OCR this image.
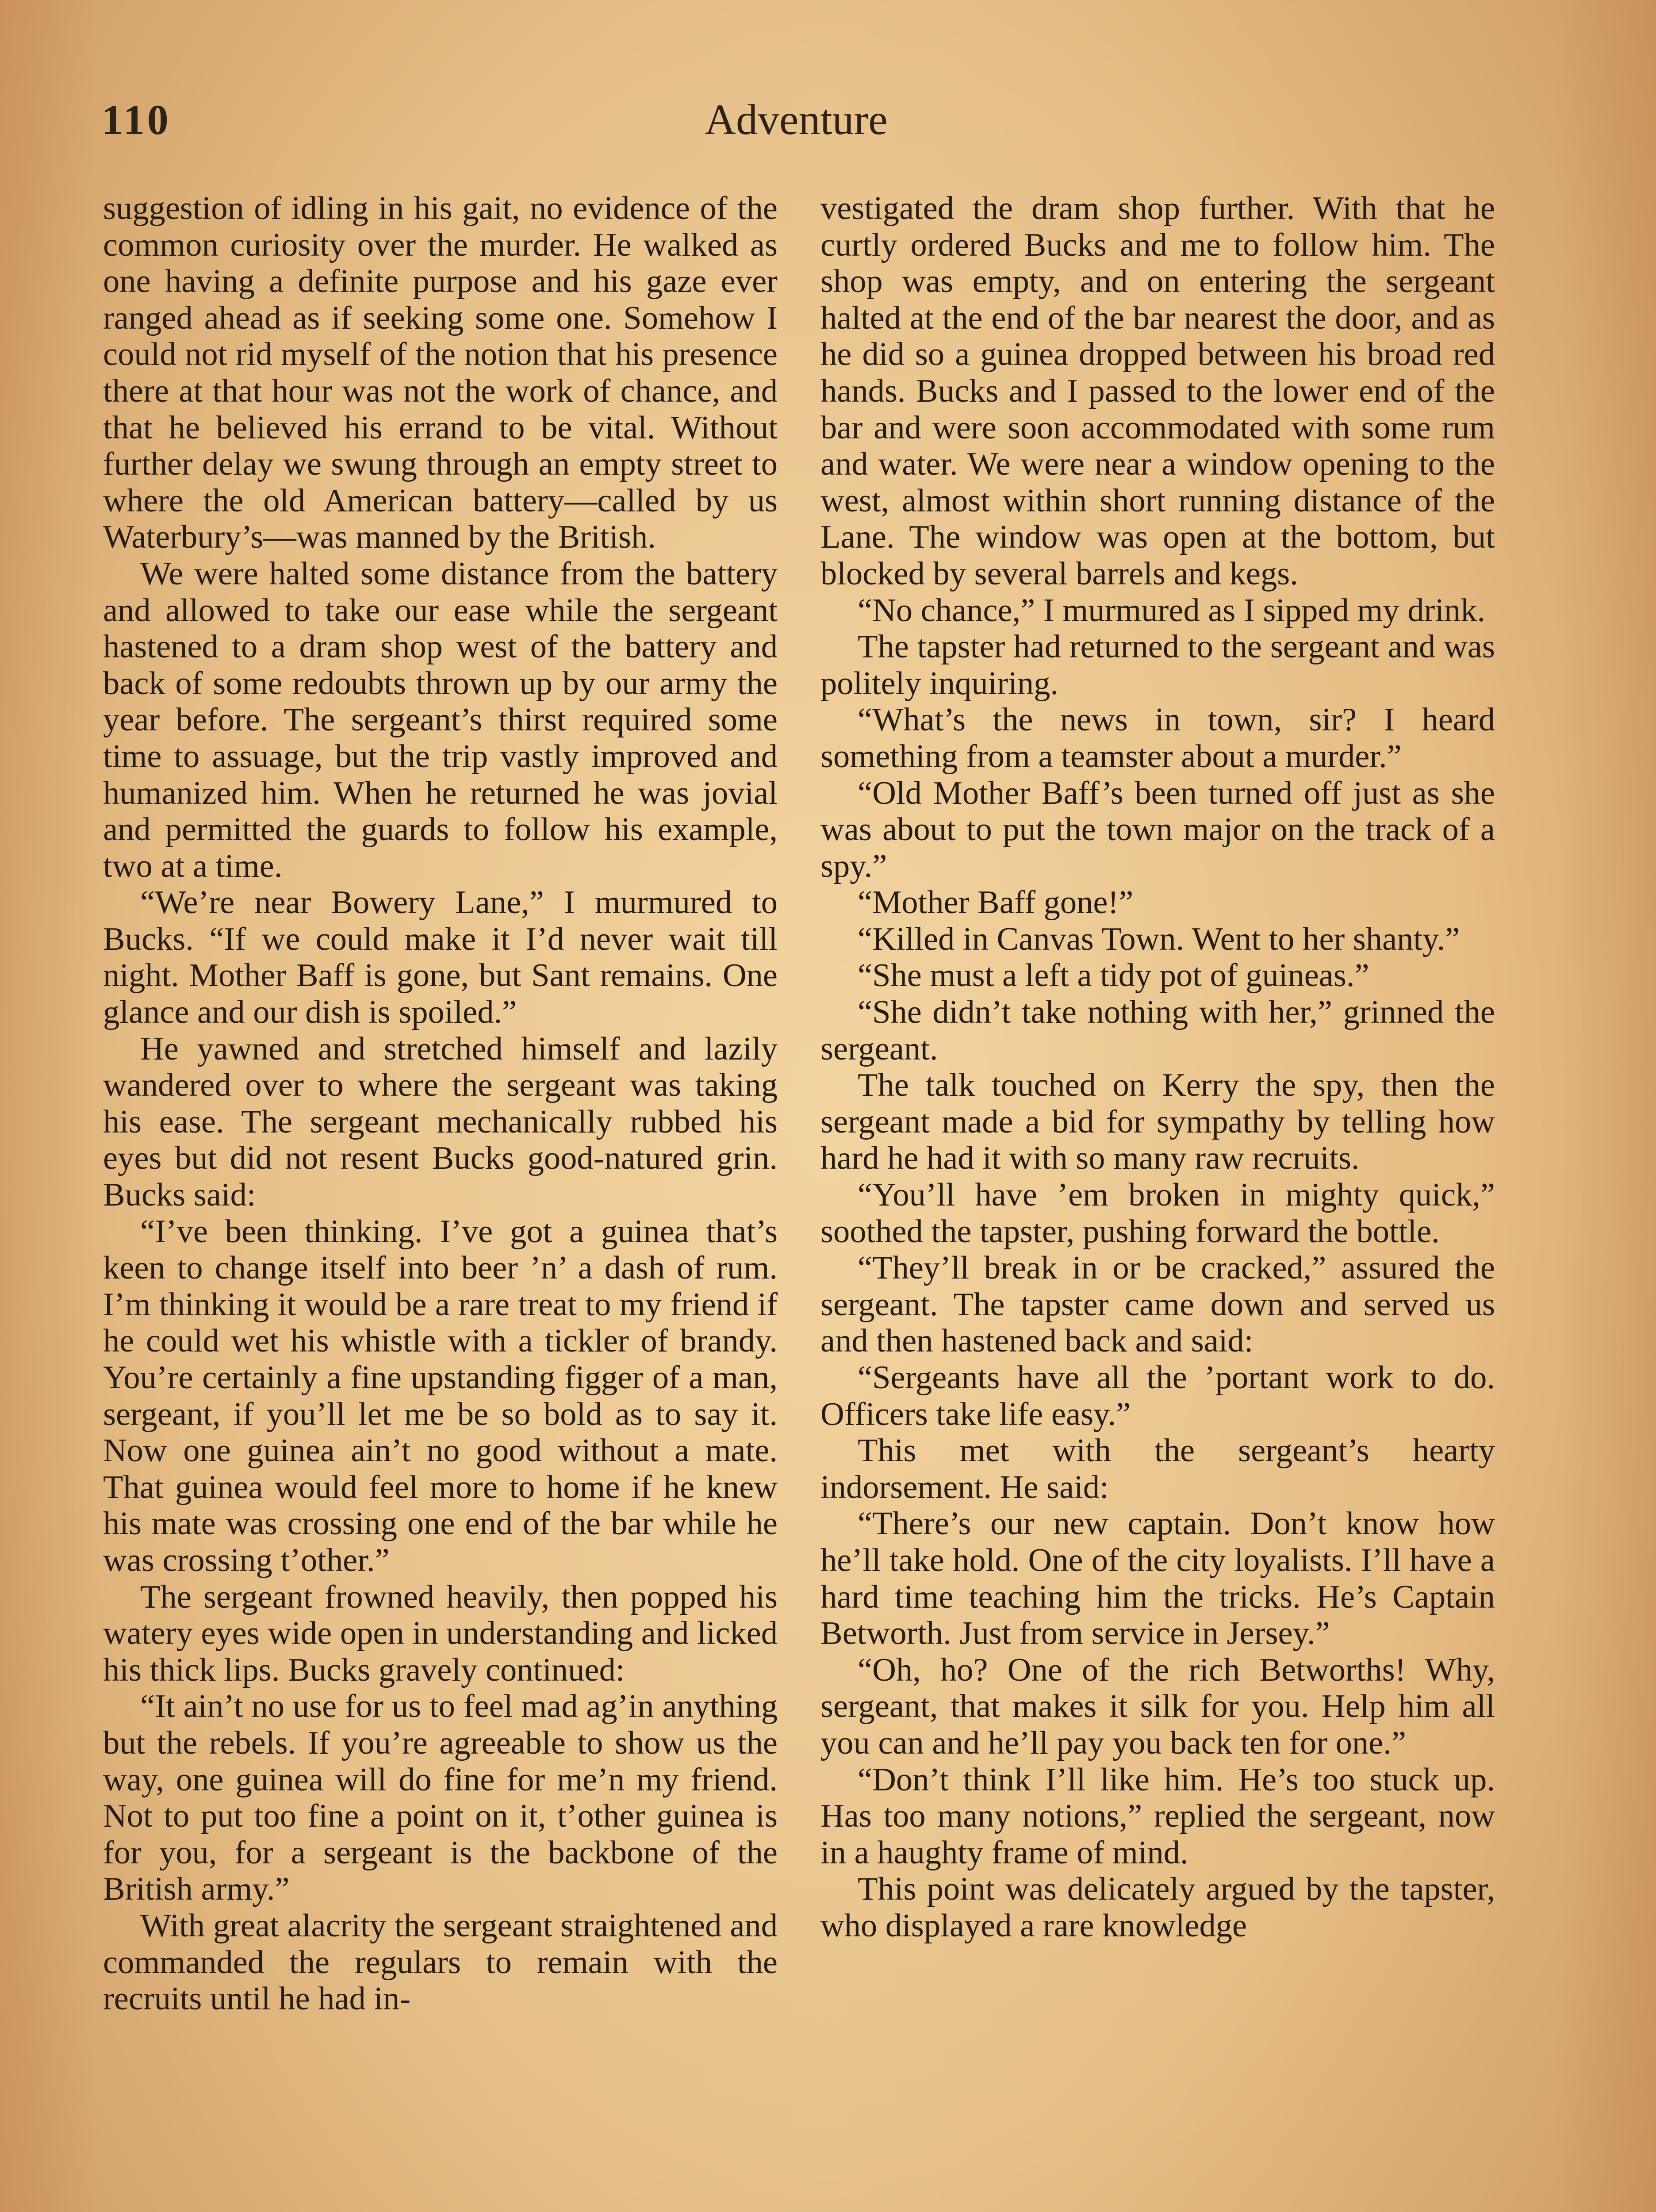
110	Adventure

suggestion of idling in his gait, no evidence of the common curiosity over the murder. He walked as one having a definite purpose and his gaze ever ranged ahead as if seeking some one. Somehow I could not rid myself of the notion that his presence there at that hour was not the work of chance, and that he believed his errand to be vital. Without further delay we swung through an empty street to where the old American battery—called by us Waterbury’s—was manned by the British.

We were halted some distance from the battery and allowed to take our ease while the sergeant hastened to a dram shop west of the battery and back of some redoubts thrown up by our army the year before. The sergeant’s thirst required some time to assuage, but the trip vastly improved and humanized him. When he returned he was jovial and permitted the guards to follow his example, two at a time.

“We’re near Bowery Lane,” I murmured to Bucks. “If we could make it I’d never wait till night. Mother Baff is gone, but Sant remains. One glance and our dish is spoiled.”

He yawned and stretched himself and lazily wandered over to where the sergeant was taking his ease. The sergeant mechanically rubbed his eyes but did not resent Bucks good-natured grin. Bucks said:

“I’ve been thinking. I’ve got a guinea that’s keen to change itself into beer ’n’ a dash of rum. I’m thinking it would be a rare treat to my friend if he could wet his whistle with a tickler of brandy. You’re certainly a fine upstanding figger of a man, sergeant, if you’ll let me be so bold as to say it. Now one guinea ain’t no good without a mate. That guinea would feel more to home if he knew his mate was crossing one end of the bar while he was crossing t’other.”

The sergeant frowned heavily, then popped his watery eyes wide open in understanding and licked his thick lips. Bucks gravely continued:

“It ain’t no use for us to feel mad ag’in anything but the rebels. If you’re agreeable to show us the way, one guinea will do fine for me’n my friend. Not to put too fine a point on it, t’other guinea is for you, for a sergeant is the backbone of the British army.”

With great alacrity the sergeant straightened and commanded the regulars to remain with the recruits until he had in-

vestigated the dram shop further. With that he curtly ordered Bucks and me to follow him. The shop was empty, and on entering the sergeant halted at the end of the bar nearest the door, and as he did so a guinea dropped between his broad red hands. Bucks and I passed to the lower end of the bar and were soon accommodated with some rum and water. We were near a window opening to the west, almost within short running distance of the Lane. The window was open at the bottom, but blocked by several barrels and kegs.

“No chance,” I murmured as I sipped my drink.

The tapster had returned to the sergeant and was politely inquiring.

“What’s the news in town, sir? I heard something from a teamster about a murder.”

“Old Mother Baff’s been turned off just as she was about to put the town major on the track of a spy.”

“Mother Baff gone!”

“Killed in Canvas Town. Went to her shanty.”

“She must a left a tidy pot of guineas.”

“She didn’t take nothing with her,” grinned the sergeant.

The talk touched on Kerry the spy, then the sergeant made a bid for sympathy by telling how hard he had it with so many raw recruits.

“You’ll have ’em broken in mighty quick,” soothed the tapster, pushing forward the bottle.

“They’ll break in or be cracked,” assured the sergeant. The tapster came down and served us and then hastened back and said:

“Sergeants have all the ’portant work to do. Officers take life easy.”

This met with the sergeant’s hearty indorsement. He said:

“There’s our new captain. Don’t know how he’ll take hold. One of the city loyalists. I’ll have a hard time teaching him the tricks. He’s Captain Betworth. Just from service in Jersey.”

“Oh, ho? One of the rich Betworths! Why, sergeant, that makes it silk for you. Help him all you can and he’ll pay you back ten for one.”

“Don’t think I’ll like him. He’s too stuck up. Has too many notions,” replied the sergeant, now in a haughty frame of mind.

This point was delicately argued by the tapster, who displayed a rare knowledge
